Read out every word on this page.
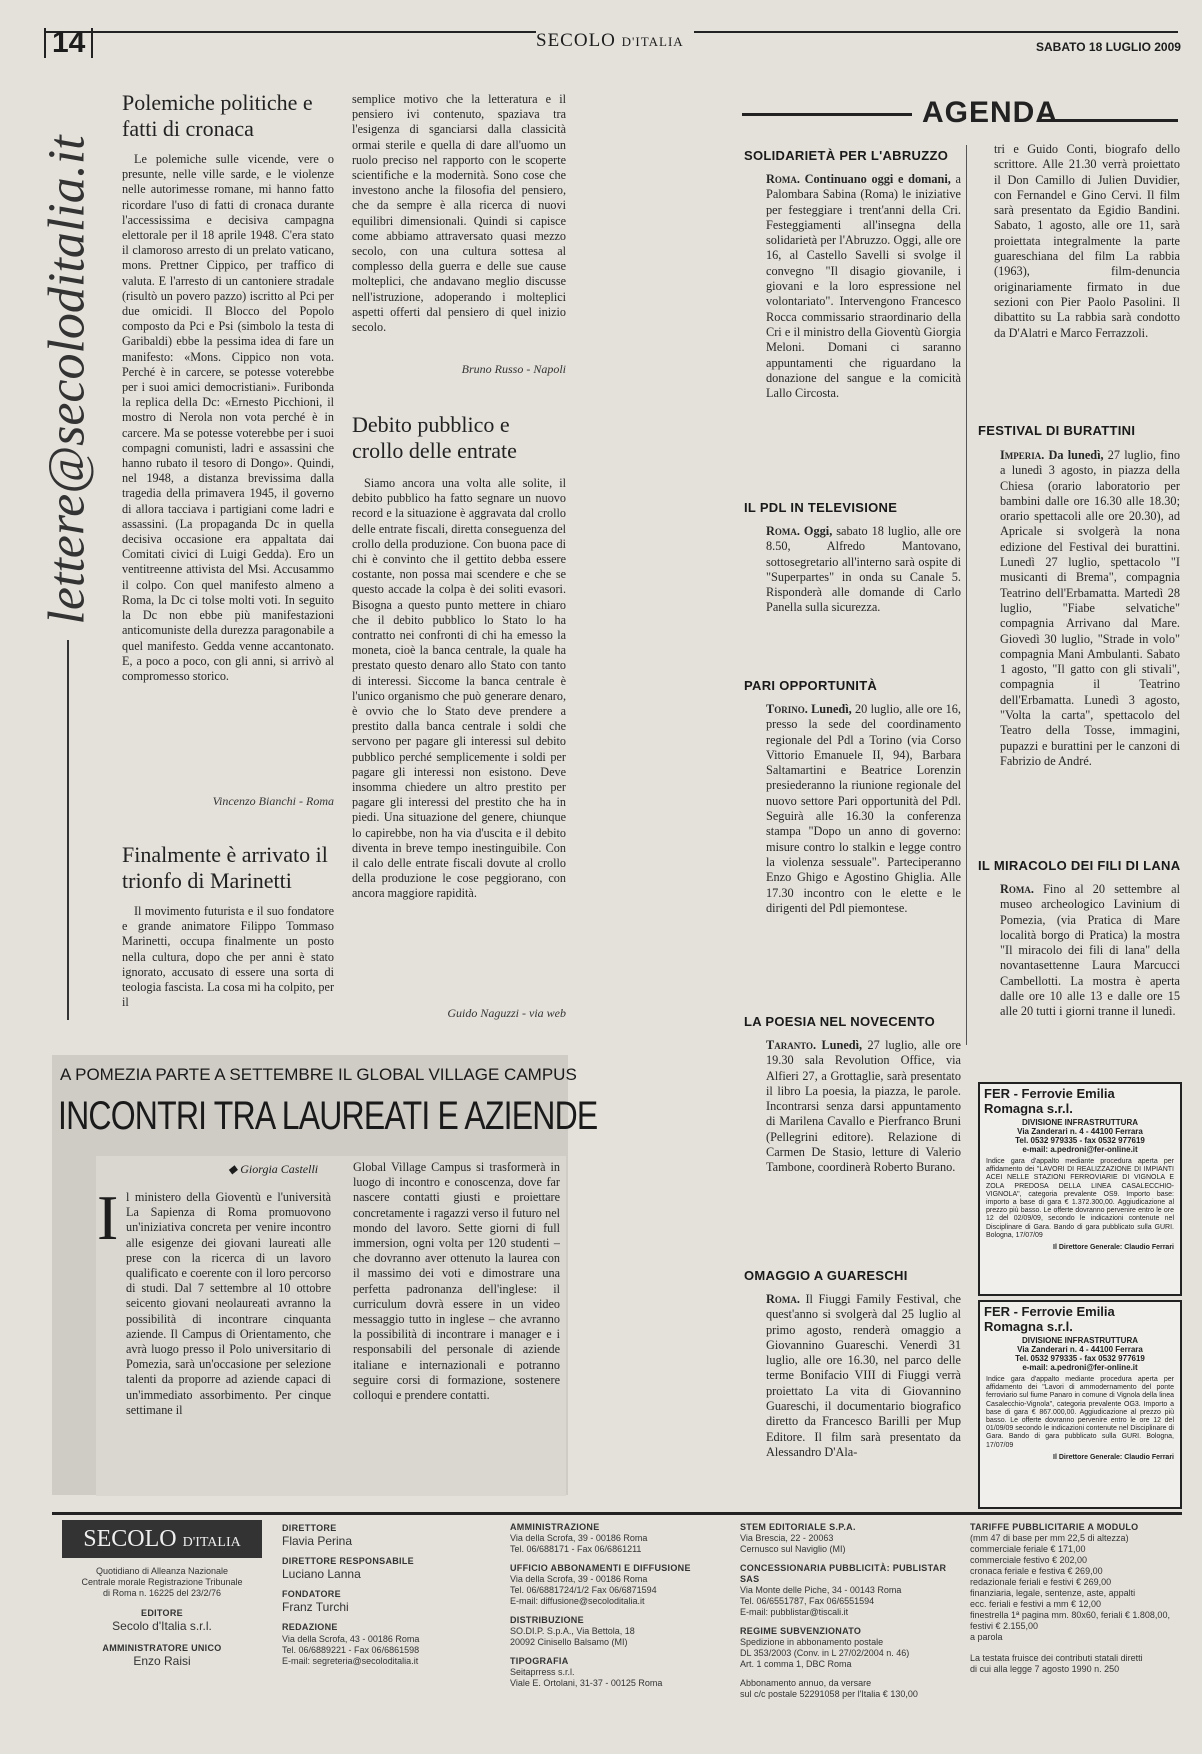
14	SECOLO D'ITALIA	SABATO 18 LUGLIO 2009
lettere@secoloditalia.it
Polemiche politiche e fatti di cronaca

Le polemiche sulle vicende, vere o presunte, nelle ville sarde, e le violenze nelle autorimesse romane, mi hanno fatto ricordare l'uso di fatti di cronaca durante l'accessissima e decisiva campagna elettorale per il 18 aprile 1948. C'era stato il clamoroso arresto di un prelato vaticano, mons. Prettner Cippico, per traffico di valuta. E l'arresto di un cantoniere stradale (risultò un povero pazzo) iscritto al Pci per due omicidi. Il Blocco del Popolo composto da Pci e Psi (simbolo la testa di Garibaldi) ebbe la pessima idea di fare un manifesto: «Mons. Cippico non vota. Perché è in carcere, se potesse voterebbe per i suoi amici democristiani». Furibonda la replica della Dc: «Ernesto Picchioni, il mostro di Nerola non vota perché è in carcere. Ma se potesse voterebbe per i suoi compagni comunisti, ladri e assassini che hanno rubato il tesoro di Dongo». Quindi, nel 1948, a distanza brevissima dalla tragedia della primavera 1945, il governo di allora tacciava i partigiani come ladri e assassini. (La propaganda Dc in quella decisiva occasione era appaltata dai Comitati civici di Luigi Gedda). Ero un ventitreenne attivista del Msi. Accusammo il colpo. Con quel manifesto almeno a Roma, la Dc ci tolse molti voti. In seguito la Dc non ebbe più manifestazioni anticomuniste della durezza paragonabile a quel manifesto. Gedda venne accantonato. E, a poco a poco, con gli anni, si arrivò al compromesso storico.

Vincenzo Bianchi - Roma
Finalmente è arrivato il trionfo di Marinetti

Il movimento futurista e il suo fondatore e grande animatore Filippo Tommaso Marinetti, occupa finalmente un posto nella cultura, dopo che per anni è stato ignorato, accusato di essere una sorta di teologia fascista. La cosa mi ha colpito, per il

semplice motivo che la letteratura e il pensiero ivi contenuto, spaziava tra l'esigenza di sganciarsi dalla classicità ormai sterile e quella di dare all'uomo un ruolo preciso nel rapporto con le scoperte scientifiche e la modernità. Sono cose che investono anche la filosofia del pensiero, che da sempre è alla ricerca di nuovi equilibri dimensionali. Quindi si capisce come abbiamo attraversato quasi mezzo secolo, con una cultura sottesa al complesso della guerra e delle sue cause molteplici, che andavano meglio discusse nell'istruzione, adoperando i molteplici aspetti offerti dal pensiero di quel inizio secolo.

Bruno Russo - Napoli
Debito pubblico e crollo delle entrate

Siamo ancora una volta alle solite, il debito pubblico ha fatto segnare un nuovo record e la situazione è aggravata dal crollo delle entrate fiscali, diretta conseguenza del crollo della produzione. Con buona pace di chi è convinto che il gettito debba essere costante, non possa mai scendere e che se questo accade la colpa è dei soliti evasori. Bisogna a questo punto mettere in chiaro che il debito pubblico lo Stato lo ha contratto nei confronti di chi ha emesso la moneta, cioè la banca centrale, la quale ha prestato questo denaro allo Stato con tanto di interessi. Siccome la banca centrale è l'unico organismo che può generare denaro, è ovvio che lo Stato deve prendere a prestito dalla banca centrale i soldi che servono per pagare gli interessi sul debito pubblico perché semplicemente i soldi per pagare gli interessi non esistono. Deve insomma chiedere un altro prestito per pagare gli interessi del prestito che ha in piedi. Una situazione del genere, chiunque lo capirebbe, non ha via d'uscita e il debito diventa in breve tempo inestinguibile. Con il calo delle entrate fiscali dovute al crollo della produzione le cose peggiorano, con ancora maggiore rapidità.

Guido Naguzzi - via web
A POMEZIA PARTE A SETTEMBRE IL GLOBAL VILLAGE CAMPUS
INCONTRI TRA LAUREATI E AZIENDE
◆ Giorgia Castelli
I l ministero della Gioventù e l'università La Sapienza di Roma promuovono un'iniziativa concreta per venire incontro alle esigenze dei giovani laureati alle prese con la ricerca di un lavoro qualificato e coerente con il loro percorso di studi. Dal 7 settembre al 10 ottobre seicento giovani neolaureati avranno la possibilità di incontrare cinquanta aziende. Il Campus di Orientamento, che avrà luogo presso il Polo universitario di Pomezia, sarà un'occasione per selezione talenti da proporre ad aziende capaci di un'immediato assorbimento. Per cinque settimane il

Global Village Campus si trasformerà in luogo di incontro e conoscenza, dove far nascere contatti giusti e proiettare concretamente i ragazzi verso il futuro nel mondo del lavoro. Sette giorni di full immersion, ogni volta per 120 studenti – che dovranno aver ottenuto la laurea con il massimo dei voti e dimostrare una perfetta padronanza dell'inglese: il curriculum dovrà essere in un video messaggio tutto in inglese – che avranno la possibilità di incontrare i manager e i responsabili del personale di aziende italiane e internazionali e potranno seguire corsi di formazione, sostenere colloqui e prendere contatti.

AGENDA
SOLIDARIETÀ PER L'ABRUZZO
Roma. Continuano oggi e domani, a Palombara Sabina (Roma) le iniziative per festeggiare i trent'anni della Cri. Festeggiamenti all'insegna della solidarietà per l'Abruzzo. Oggi, alle ore 16, al Castello Savelli si svolge il convegno "Il disagio giovanile, i giovani e la loro espressione nel volontariato". Intervengono Francesco Rocca commissario straordinario della Cri e il ministro della Gioventù Giorgia Meloni. Domani ci saranno appuntamenti che riguardano la donazione del sangue e la comicità Lallo Circosta.
IL PDL IN TELEVISIONE
Roma. Oggi, sabato 18 luglio, alle ore 8.50, Alfredo Mantovano, sottosegretario all'interno sarà ospite di "Superpartes" in onda su Canale 5. Risponderà alle domande di Carlo Panella sulla sicurezza.
PARI OPPORTUNITÀ
Torino. Lunedì, 20 luglio, alle ore 16, presso la sede del coordinamento regionale del Pdl a Torino (via Corso Vittorio Emanuele II, 94), Barbara Saltamartini e Beatrice Lorenzin presiederanno la riunione regionale del nuovo settore Pari opportunità del Pdl. Seguirà alle 16.30 la conferenza stampa "Dopo un anno di governo: misure contro lo stalkin e legge contro la violenza sessuale". Parteciperanno Enzo Ghigo e Agostino Ghiglia. Alle 17.30 incontro con le elette e le dirigenti del Pdl piemontese.
LA POESIA NEL NOVECENTO
Taranto. Lunedì, 27 luglio, alle ore 19.30 sala Revolution Office, via Alfieri 27, a Grottaglie, sarà presentato il libro La poesia, la piazza, le parole. Incontrarsi senza darsi appuntamento di Marilena Cavallo e Pierfranco Bruni (Pellegrini editore). Relazione di Carmen De Stasio, letture di Valerio Tambone, coordinerà Roberto Burano.
OMAGGIO A GUARESCHI
Roma. Il Fiuggi Family Festival, che quest'anno si svolgerà dal 25 luglio al primo agosto, renderà omaggio a Giovannino Guareschi. Venerdì 31 luglio, alle ore 16.30, nel parco delle terme Bonifacio VIII di Fiuggi verrà proiettato La vita di Giovannino Guareschi, il documentario biografico diretto da Francesco Barilli per Mup Editore. Il film sarà presentato da Alessandro D'Ala-
tri e Guido Conti, biografo dello scrittore. Alle 21.30 verrà proiettato il Don Camillo di Julien Duvidier, con Fernandel e Gino Cervi. Il film sarà presentato da Egidio Bandini. Sabato, 1 agosto, alle ore 11, sarà proiettata integralmente la parte guareschiana del film La rabbia (1963), film-denuncia originariamente firmato in due sezioni con Pier Paolo Pasolini. Il dibattito su La rabbia sarà condotto da D'Alatri e Marco Ferrazzoli.
FESTIVAL DI BURATTINI
Imperia. Da lunedì, 27 luglio, fino a lunedì 3 agosto, in piazza della Chiesa (orario laboratorio per bambini dalle ore 16.30 alle 18.30; orario spettacoli alle ore 20.30), ad Apricale si svolgerà la nona edizione del Festival dei burattini. Lunedì 27 luglio, spettacolo "I musicanti di Brema", compagnia Teatrino dell'Erbamatta. Martedì 28 luglio, "Fiabe selvatiche" compagnia Arrivano dal Mare. Giovedì 30 luglio, "Strade in volo" compagnia Mani Ambulanti. Sabato 1 agosto, "Il gatto con gli stivali", compagnia il Teatrino dell'Erbamatta. Lunedì 3 agosto, "Volta la carta", spettacolo del Teatro della Tosse, immagini, pupazzi e burattini per le canzoni di Fabrizio de André.
IL MIRACOLO DEI FILI DI LANA
Roma. Fino al 20 settembre al museo archeologico Lavinium di Pomezia, (via Pratica di Mare località borgo di Pratica) la mostra "Il miracolo dei fili di lana" della novantasettenne Laura Marcucci Cambellotti. La mostra è aperta dalle ore 10 alle 13 e dalle ore 15 alle 20 tutti i giorni tranne il lunedì.
FER - Ferrovie Emilia Romagna s.r.l.
DIVISIONE INFRASTRUTTURA
Via Zanderari n. 4 - 44100 Ferrara
Tel. 0532 979335 - fax 0532 977619
e-mail: a.pedroni@fer-online.it
Indice gara d'appalto mediante procedura aperta per affidamento dei "LAVORI DI REALIZZAZIONE DI IMPIANTI ACEI NELLE STAZIONI FERROVIARIE DI VIGNOLA E ZOLA PREDOSA DELLA LINEA CASALECCHIO-VIGNOLA", categoria prevalente OS9. Importo base: importo a base di gara € 1.372.300,00. Aggiudicazione al prezzo più basso. Le offerte dovranno pervenire entro le ore 12 del 02/09/09, secondo le indicazioni contenute nel Disciplinare di Gara. Bando di gara pubblicato sulla GURI. Bologna, 17/07/09
Il Direttore Generale: Claudio Ferrari
FER - Ferrovie Emilia Romagna s.r.l.
DIVISIONE INFRASTRUTTURA
Via Zanderari n. 4 - 44100 Ferrara
Tel. 0532 979335 - fax 0532 977619
e-mail: a.pedroni@fer-online.it
Indice gara d'appalto mediante procedura aperta per affidamento dei "Lavori di ammodernamento del ponte ferroviario sul fiume Panaro in comune di Vignola della linea Casalecchio-Vignola", categoria prevalente OG3. Importo a base di gara € 867.000,00. Aggiudicazione al prezzo più basso. Le offerte dovranno pervenire entro le ore 12 del 01/09/09 secondo le indicazioni contenute nel Disciplinare di Gara. Bando di gara pubblicato sulla GURI. Bologna, 17/07/09
Il Direttore Generale: Claudio Ferrari
SECOLO D'ITALIA
Quotidiano di Alleanza Nazionale
Centrale morale Registrazione Tribunale
di Roma n. 16225 del 23/2/76
EDITORE
Secolo d'Italia s.r.l.
AMMINISTRATORE UNICO
Enzo Raisi
DIRETTORE
Flavia Perina
DIRETTORE RESPONSABILE
Luciano Lanna
FONDATORE
Franz Turchi
REDAZIONE
Via della Scrofa, 43 - 00186 Roma
Tel. 06/6889221 - Fax 06/6861598
E-mail: segreteria@secoloditalia.it
AMMINISTRAZIONE
Via della Scrofa, 39 - 00186 Roma
Tel. 06/688171 - Fax 06/6861211
UFFICIO ABBONAMENTI E DIFFUSIONE
Via della Scrofa, 39 - 00186 Roma
Tel. 06/6881724/1/2 Fax 06/6871594
E-mail: diffusione@secoloditalia.it
DISTRIBUZIONE
SO.DI.P. S.p.A., Via Bettola, 18
20092 Cinisello Balsamo (MI)
TIPOGRAFIA
Seitaprress s.r.l.
Viale E. Ortolani, 31-37 - 00125 Roma
STEM EDITORIALE S.P.A.
Via Brescia, 22 - 20063
Cernusco sul Naviglio (MI)
CONCESSIONARIA PUBBLICITÀ: PUBLISTAR SAS
Via Monte delle Piche, 34 - 00143 Roma
Tel. 06/6551787, Fax 06/6551594
E-mail: pubblistar@tiscali.it
REGIME SUBVENZIONATO
Spedizione in abbonamento postale
DL 353/2003 (Conv. in L 27/02/2004 n. 46)
Art. 1 comma 1, DBC Roma
Abbonamento annuo, da versare
sul c/c postale 52291058 per l'Italia € 130,00
TARIFFE PUBBLICITARIE A MODULO
(mm 47 di base per mm 22,5 di altezza)
commerciale feriale € 171,00
commerciale festivo € 202,00
cronaca feriale e festiva € 269,00
redazionale feriali e festivi € 269,00
finanziaria, legale, sentenze, aste, appalti
ecc. feriali e festivi a mm € 12,00
finestrella 1ª pagina mm. 80x60, feriali € 1.808,00, festivi € 2.155,00
a parola
La testata fruisce dei contributi statali diretti
di cui alla legge 7 agosto 1990 n. 250
